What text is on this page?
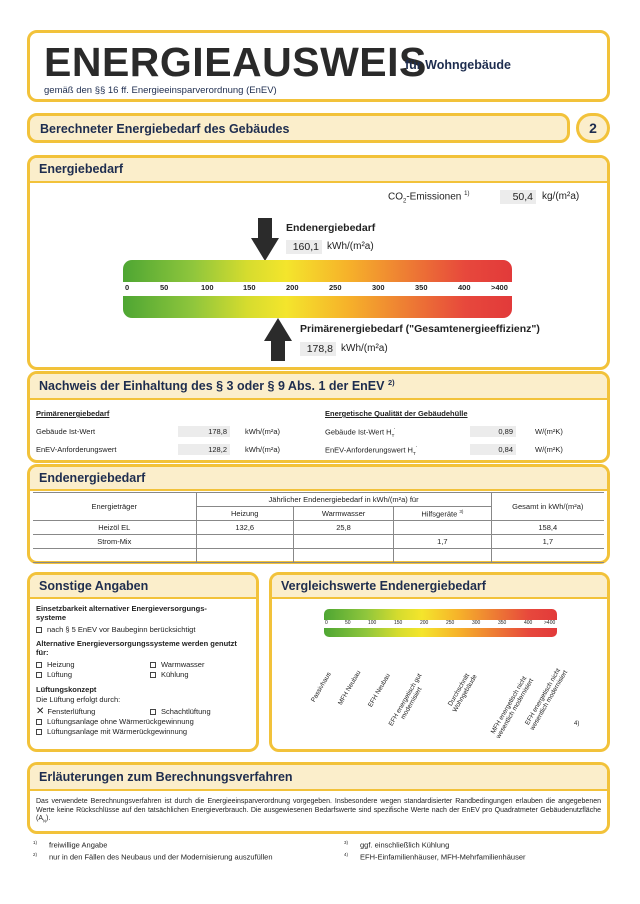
ENERGIEAUSWEIS
für Wohngebäude
gemäß den §§ 16 ff. Energieeinsparverordnung (EnEV)
Berechneter Energiebedarf des Gebäudes	2
Energiebedarf
$CO_2$-Emissionen $^{1)}$	50,4 kg/(m²a)
Endenergiebedarf
160,1 kWh/(m²a)
0	50	100	150	200	250	300	350	400	>400
Primärenergiebedarf ("Gesamtenergieeffizienz")
178,8 kWh/(m²a)
Nachweis der Einhaltung des § 3 oder § 9 Abs. 1 der EnEV $^{2)}$
Primärenergiebedarf
Gebäude Ist-Wert	178,8	kWh/(m²a)
EnEV-Anforderungswert	128,2	kWh/(m²a)
Energetische Qualität der Gebäudehülle
Gebäude Ist-Wert $H_T'$	0,89	W/(m²K)
EnEV-Anforderungswert $H_T'$	0,84	W/(m²K)
Endenergiebedarf
Energieträger	Jährlicher Endenergiebedarf in kWh/(m²a) für			Gesamt in kWh/(m²a)
	Heizung	Warmwasser	Hilfsgeräte $^{3)}$
Heizöl EL	132,6	25,8		158,4
Strom-Mix			1,7	1,7

Sonstige Angaben
Einsetzbarkeit alternativer Energieversorgungs-systeme
nach § 5 EnEV vor Baubeginn berücksichtigt
Alternative Energieversorgungssysteme werden genutzt für:
Heizung	Warmwasser
Lüftung	Kühlung
Lüftungskonzept
Die Lüftung erfolgt durch:
✕ Fensterlüftung	Schachtlüftung
Lüftungsanlage ohne Wärmerückgewinnung
Lüftungsanlage mit Wärmerückgewinnung
Vergleichswerte Endenergiebedarf
0	50	100	150	200	250	300	350	400 >400
Passivhaus MFH Neubau EFH Neubau
EFH energetisch gut modernisiert	Durchschnitt Wohngebäude	MFH energetisch nicht wesentlich modernisiert
EFH energetisch nicht wesentlich modernisiert 4)
Erläuterungen zum Berechnungsverfahren
Das verwendete Berechnungsverfahren ist durch die Energieeinsparverordnung vorgegeben. Insbesondere wegen standardisierter Randbedingungen erlauben die angegebenen Werte keine Rückschlüsse auf den tatsächlichen Energieverbrauch. Die ausgewiesenen Bedarfswerte sind spezifische Werte nach der EnEV pro Quadratmeter Gebäudenutzfläche $(A_N)$.
$^{1)}$ freiwillige Angabe
$^{2)}$ nur in den Fällen des Neubaus und der Modernisierung auszufüllen
$^{3)}$ ggf. einschließlich Kühlung
$^{4)}$ EFH-Einfamilienhäuser, MFH-Mehrfamilienhäuser
